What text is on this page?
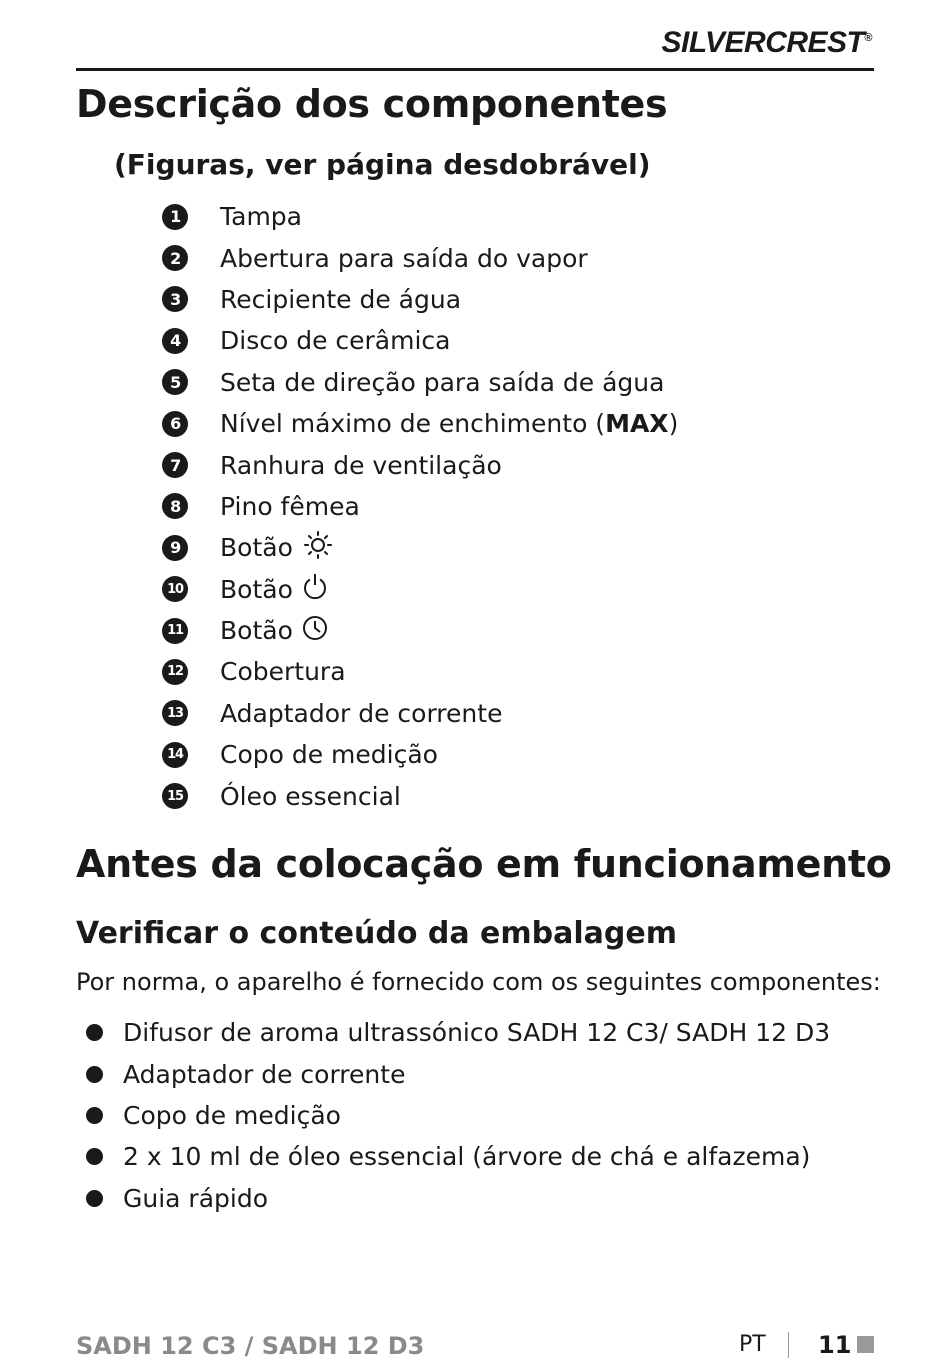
SILVERCREST®
Descrição dos componentes

(Figuras, ver página desdobrável)

1	Tampa
2	Abertura para saída do vapor
3	Recipiente de água
4	Disco de cerâmica
5	Seta de direção para saída de água
6	Nível máximo de enchimento (MAX)
7	Ranhura de ventilação
8	Pino fêmea
9	Botão
10 Botão
11 Botão
12 Cobertura
13 Adaptador de corrente
14 Copo de medição
15 Óleo essencial
Antes da colocação em funcionamento
Verificar o conteúdo da embalagem

Por norma, o aparelho é fornecido com os seguintes componentes:

Difusor de aroma ultrassónico SADH 12 C3/ SADH 12 D3
Adaptador de corrente
Copo de medição
2 x 10 ml de óleo essencial (árvore de chá e alfazema)
Guia rápido
SADH 12 C3 / SADH 12 D3	PT 11
